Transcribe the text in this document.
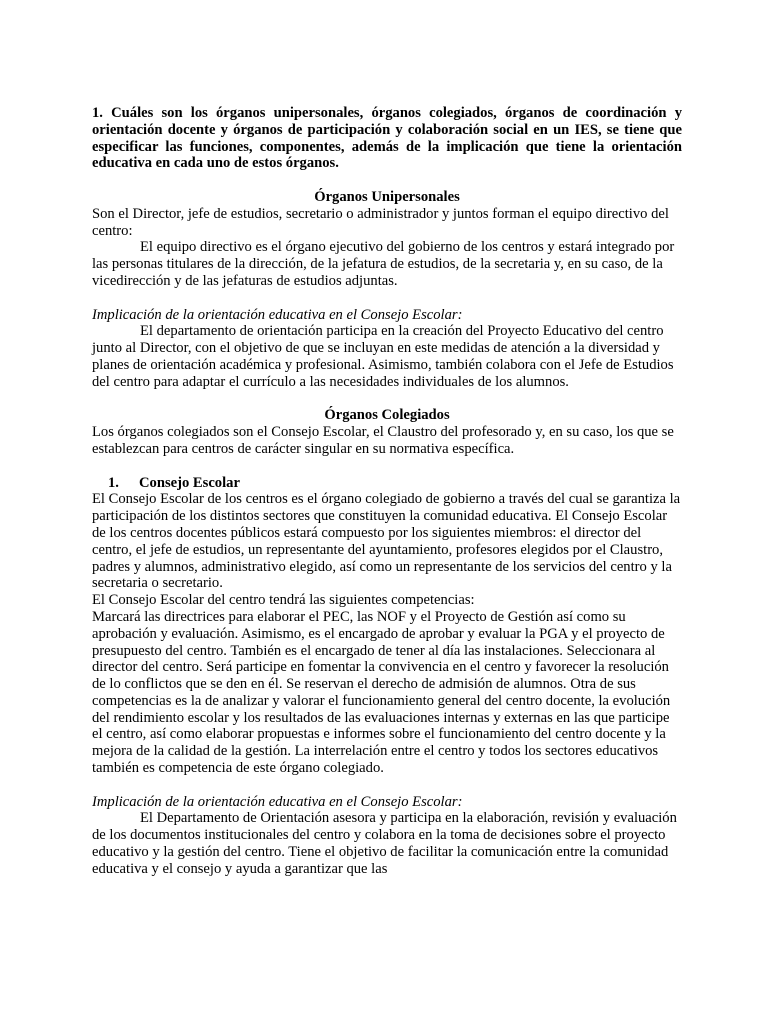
1. Cuáles son los órganos unipersonales, órganos colegiados, órganos de coordinación y orientación docente y órganos de participación y colaboración social en un IES, se tiene que especificar las funciones, componentes, además de la implicación que tiene la orientación educativa en cada uno de estos órganos.

Órganos Unipersonales

Son el Director, jefe de estudios, secretario o administrador y juntos forman el equipo directivo del centro:

El equipo directivo es el órgano ejecutivo del gobierno de los centros y estará integrado por las personas titulares de la dirección, de la jefatura de estudios, de la secretaria y, en su caso, de la vicedirección y de las jefaturas de estudios adjuntas.

Implicación de la orientación educativa en el Consejo Escolar:

El departamento de orientación participa en la creación del Proyecto Educativo del centro junto al Director, con el objetivo de que se incluyan en este medidas de atención a la diversidad y planes de orientación académica y profesional. Asimismo, también colabora con el Jefe de Estudios del centro para adaptar el currículo a las necesidades individuales de los alumnos.

Órganos Colegiados

Los órganos colegiados son el Consejo Escolar, el Claustro del profesorado y, en su caso, los que se establezcan para centros de carácter singular en su normativa específica.

1. Consejo Escolar

El Consejo Escolar de los centros es el órgano colegiado de gobierno a través del cual se garantiza la participación de los distintos sectores que constituyen la comunidad educativa. El Consejo Escolar de los centros docentes públicos estará compuesto por los siguientes miembros: el director del centro, el jefe de estudios, un representante del ayuntamiento, profesores elegidos por el Claustro, padres y alumnos, administrativo elegido, así como un representante de los servicios del centro y la secretaria o secretario.

El Consejo Escolar del centro tendrá las siguientes competencias:

Marcará las directrices para elaborar el PEC, las NOF y el Proyecto de Gestión así como su aprobación y evaluación. Asimismo, es el encargado de aprobar y evaluar la PGA y el proyecto de presupuesto del centro. También es el encargado de tener al día las instalaciones. Seleccionara al director del centro. Será participe en fomentar la convivencia en el centro y favorecer la resolución de lo conflictos que se den en él. Se reservan el derecho de admisión de alumnos. Otra de sus competencias es la de analizar y valorar el funcionamiento general del centro docente, la evolución del rendimiento escolar y los resultados de las evaluaciones internas y externas en las que participe el centro, así como elaborar propuestas e informes sobre el funcionamiento del centro docente y la mejora de la calidad de la gestión. La interrelación entre el centro y todos los sectores educativos también es competencia de este órgano colegiado.

Implicación de la orientación educativa en el Consejo Escolar:

El Departamento de Orientación asesora y participa en la elaboración, revisión y evaluación de los documentos institucionales del centro y colabora en la toma de decisiones sobre el proyecto educativo y la gestión del centro. Tiene el objetivo de facilitar la comunicación entre la comunidad educativa y el consejo y ayuda a garantizar que las
